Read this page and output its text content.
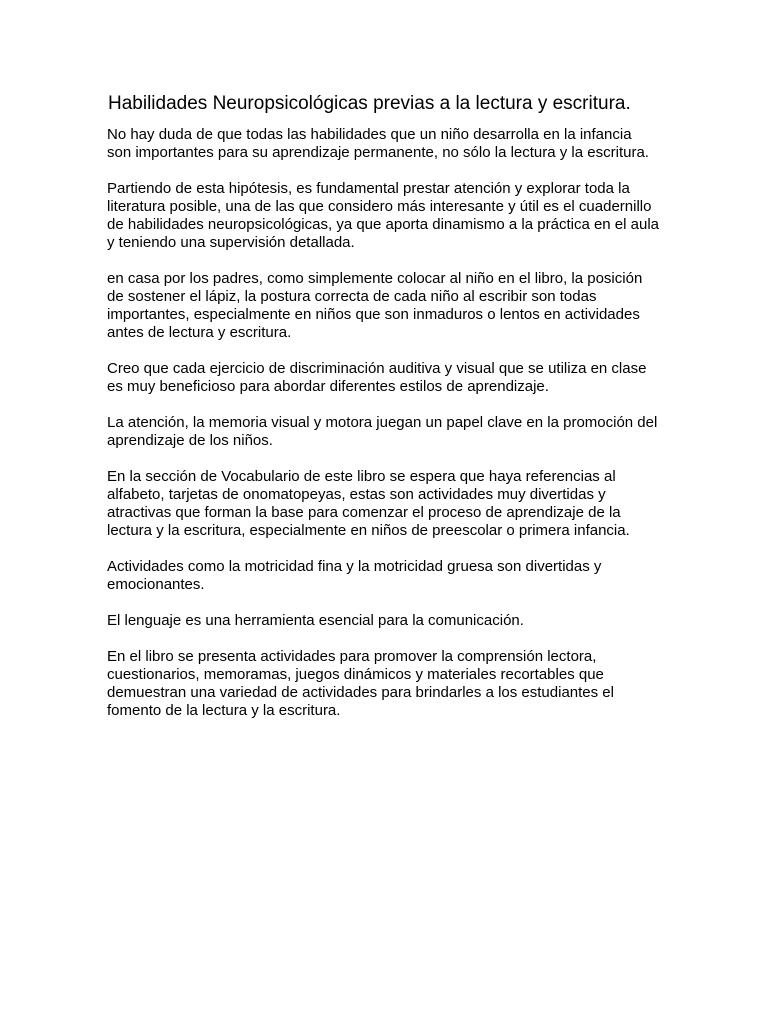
Habilidades Neuropsicológicas previas a la lectura y escritura.

No hay duda de que todas las habilidades que un niño desarrolla en la infancia
son importantes para su aprendizaje permanente, no sólo la lectura y la escritura.

Partiendo de esta hipótesis, es fundamental prestar atención y explorar toda la
literatura posible, una de las que considero más interesante y útil es el cuadernillo
de habilidades neuropsicológicas, ya que aporta dinamismo a la práctica en el aula
y teniendo una supervisión detallada.

en casa por los padres, como simplemente colocar al niño en el libro, la posición
de sostener el lápiz, la postura correcta de cada niño al escribir son todas
importantes, especialmente en niños que son inmaduros o lentos en actividades
antes de lectura y escritura.

Creo que cada ejercicio de discriminación auditiva y visual que se utiliza en clase
es muy beneficioso para abordar diferentes estilos de aprendizaje.

La atención, la memoria visual y motora juegan un papel clave en la promoción del
aprendizaje de los niños.

En la sección de Vocabulario de este libro se espera que haya referencias al
alfabeto, tarjetas de onomatopeyas, estas son actividades muy divertidas y
atractivas que forman la base para comenzar el proceso de aprendizaje de la
lectura y la escritura, especialmente en niños de preescolar o primera infancia.

Actividades como la motricidad fina y la motricidad gruesa son divertidas y
emocionantes.

El lenguaje es una herramienta esencial para la comunicación.

En el libro se presenta actividades para promover la comprensión lectora,
cuestionarios, memoramas, juegos dinámicos y materiales recortables que
demuestran una variedad de actividades para brindarles a los estudiantes el
fomento de la lectura y la escritura.
